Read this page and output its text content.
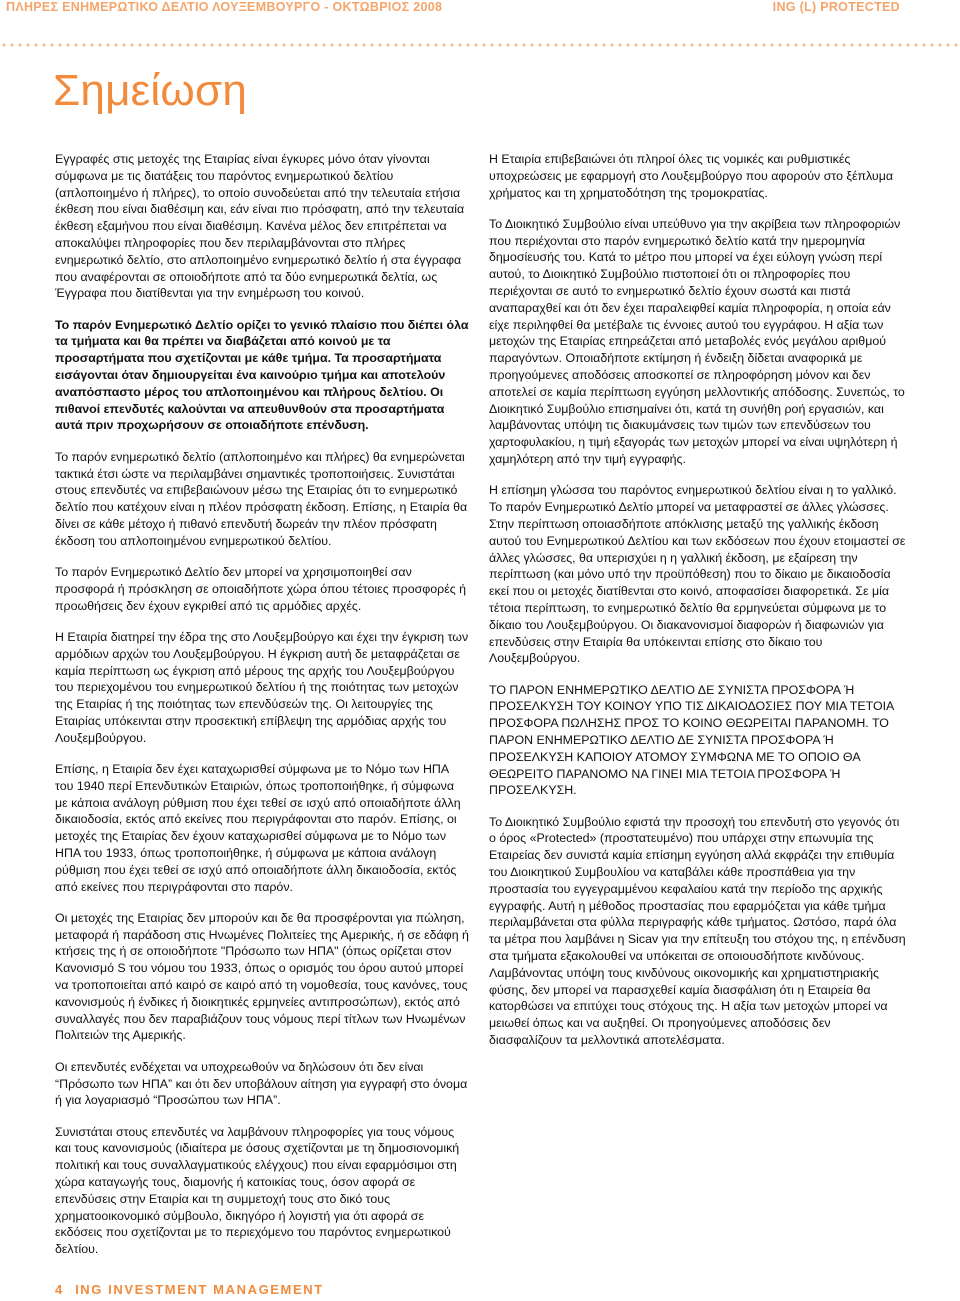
ΠΛΗΡΕΣ ΕΝΗΜΕΡΩΤΙΚΟ ΔΕΛΤΙΟ ΛΟΥΞΕΜΒΟΥΡΓΟ - ΟΚΤΩΒΡΙΟΣ 2008	ING (L) PROTECTED
Σημείωση

Εγγραφές στις μετοχές της Εταιρίας είναι έγκυρες μόνο όταν γίνονται σύμφωνα με τις διατάξεις του παρόντος ενημερωτικού δελτίου (απλοποιημένο ή πλήρες), το οποίο συνοδεύεται από την τελευταία ετήσια έκθεση που είναι διαθέσιμη και, εάν είναι πιο πρόσφατη, από την τελευταία έκθεση εξαμήνου που είναι διαθέσιμη. Κανένα μέλος δεν επιτρέπεται να αποκαλύψει πληροφορίες που δεν περιλαμβάνονται στο πλήρες ενημερωτικό δελτίο, στο απλοποιημένο ενημερωτικό δελτίο ή στα έγγραφα που αναφέρονται σε οποιοδήποτε από τα δύο ενημερωτικά δελτία, ως Έγγραφα που διατίθενται για την ενημέρωση του κοινού.

Το παρόν Ενημερωτικό Δελτίο ορίζει το γενικό πλαίσιο που διέπει όλα τα τμήματα και θα πρέπει να διαβάζεται από κοινού με τα προσαρτήματα που σχετίζονται με κάθε τμήμα. Τα προσαρτήματα εισάγονται όταν δημιουργείται ένα καινούριο τμήμα και αποτελούν αναπόσπαστο μέρος του απλοποιημένου και πλήρους δελτίου. Οι πιθανοί επενδυτές καλούνται να απευθυνθούν στα προσαρτήματα αυτά πριν προχωρήσουν σε οποιαδήποτε επένδυση.

Το παρόν ενημερωτικό δελτίο (απλοποιημένο και πλήρες) θα ενημερώνεται τακτικά έτσι ώστε να περιλαμβάνει σημαντικές τροποποιήσεις. Συνιστάται στους επενδυτές να επιβεβαιώνουν μέσω της Εταιρίας ότι το ενημερωτικό δελτίο που κατέχουν είναι η πλέον πρόσφατη έκδοση. Επίσης, η Εταιρία θα δίνει σε κάθε μέτοχο ή πιθανό επενδυτή δωρεάν την πλέον πρόσφατη έκδοση του απλοποιημένου ενημερωτικού δελτίου.

Το παρόν Ενημερωτικό Δελτίο δεν μπορεί να χρησιμοποιηθεί σαν προσφορά ή πρόσκληση σε οποιαδήποτε χώρα όπου τέτοιες προσφορές ή προωθήσεις δεν έχουν εγκριθεί από τις αρμόδιες αρχές.

Η Εταιρία διατηρεί την έδρα της στο Λουξεμβούργο και έχει την έγκριση των αρμόδιων αρχών του Λουξεμβούργου. Η έγκριση αυτή δε μεταφράζεται σε καμία περίπτωση ως έγκριση από μέρους της αρχής του Λουξεμβούργου του περιεχομένου του ενημερωτικού δελτίου ή της ποιότητας των μετοχών της Εταιρίας ή της ποιότητας των επενδύσεών της. Οι λειτουργίες της Εταιρίας υπόκεινται στην προσεκτική επίβλεψη της αρμόδιας αρχής του Λουξεμβούργου.

Επίσης, η Εταιρία δεν έχει καταχωρισθεί σύμφωνα με το Νόμο των ΗΠΑ του 1940 περί Επενδυτικών Εταιριών, όπως τροποποιήθηκε, ή σύμφωνα με κάποια ανάλογη ρύθμιση που έχει τεθεί σε ισχύ από οποιαδήποτε άλλη δικαιοδοσία, εκτός από εκείνες που περιγράφονται στο παρόν. Επίσης, οι μετοχές της Εταιρίας δεν έχουν καταχωρισθεί σύμφωνα με το Νόμο των ΗΠΑ του 1933, όπως τροποποιήθηκε, ή σύμφωνα με κάποια ανάλογη ρύθμιση που έχει τεθεί σε ισχύ από οποιαδήποτε άλλη δικαιοδοσία, εκτός από εκείνες που περιγράφονται στο παρόν.

Οι μετοχές της Εταιρίας δεν μπορούν και δε θα προσφέρονται για πώληση, μεταφορά ή παράδοση στις Ηνωμένες Πολιτείες της Αμερικής, ή σε εδάφη ή κτήσεις της ή σε οποιοδήποτε "Πρόσωπο των ΗΠΑ" (όπως ορίζεται στον Κανονισμό S του νόμου του 1933, όπως ο ορισμός του όρου αυτού μπορεί να τροποποιείται από καιρό σε καιρό από τη νομοθεσία, τους κανόνες, τους κανονισμούς ή ένδικες ή διοικητικές ερμηνείες αντιπροσώπων), εκτός από συναλλαγές που δεν παραβιάζουν τους νόμους περί τίτλων των Ηνωμένων Πολιτειών της Αμερικής.

Οι επενδυτές ενδέχεται να υποχρεωθούν να δηλώσουν ότι δεν είναι “Πρόσωπο των ΗΠΑ” και ότι δεν υποβάλουν αίτηση για εγγραφή στο όνομα ή για λογαριασμό “Προσώπου των ΗΠΑ”.

Συνιστάται στους επενδυτές να λαμβάνουν πληροφορίες για τους νόμους και τους κανονισμούς (ιδιαίτερα με όσους σχετίζονται με τη δημοσιονομική πολιτική και τους συναλλαγματικούς ελέγχους) που είναι εφαρμόσιμοι στη χώρα καταγωγής τους, διαμονής ή κατοικίας τους, όσον αφορά σε επενδύσεις στην Εταιρία και τη συμμετοχή τους στο δικό τους χρηματοοικονομικό σύμβουλο, δικηγόρο ή λογιστή για ότι αφορά σε εκδόσεις που σχετίζονται με το περιεχόμενο του παρόντος ενημερωτικού δελτίου.

Η Εταιρία επιβεβαιώνει ότι πληροί όλες τις νομικές και ρυθμιστικές υποχρεώσεις με εφαρμογή στο Λουξεμβούργο που αφορούν στο ξέπλυμα χρήματος και τη χρηματοδότηση της τρομοκρατίας.

Το Διοικητικό Συμβούλιο είναι υπεύθυνο για την ακρίβεια των πληροφοριών που περιέχονται στο παρόν ενημερωτικό δελτίο κατά την ημερομηνία δημοσίευσής του. Κατά το μέτρο που μπορεί να έχει εύλογη γνώση περί αυτού, το Διοικητικό Συμβούλιο πιστοποιεί ότι οι πληροφορίες που περιέχονται σε αυτό το ενημερωτικό δελτίο έχουν σωστά και πιστά αναπαραχθεί και ότι δεν έχει παραλειφθεί καμία πληροφορία, η οποία εάν είχε περιληφθεί θα μετέβαλε τις έννοιες αυτού του εγγράφου. Η αξία των μετοχών της Εταιρίας επηρεάζεται από μεταβολές ενός μεγάλου αριθμού παραγόντων. Οποιαδήποτε εκτίμηση ή ένδειξη δίδεται αναφορικά με προηγούμενες αποδόσεις αποσκοπεί σε πληροφόρηση μόνον και δεν αποτελεί σε καμία περίπτωση εγγύηση μελλοντικής απόδοσης. Συνεπώς, το Διοικητικό Συμβούλιο επισημαίνει ότι, κατά τη συνήθη ροή εργασιών, και λαμβάνοντας υπόψη τις διακυμάνσεις των τιμών των επενδύσεων του χαρτοφυλακίου, η τιμή εξαγοράς των μετοχών μπορεί να είναι υψηλότερη ή χαμηλότερη από την τιμή εγγραφής.

Η επίσημη γλώσσα του παρόντος ενημερωτικού δελτίου είναι η το γαλλικό. Το παρόν Ενημερωτικό Δελτίο μπορεί να μεταφραστεί σε άλλες γλώσσες. Στην περίπτωση οποιασδήποτε απόκλισης μεταξύ της γαλλικής έκδοση αυτού του Ενημερωτικού Δελτίου και των εκδόσεων που έχουν ετοιμαστεί σε άλλες γλώσσες, θα υπερισχύει η η γαλλική έκδοση, με εξαίρεση την περίπτωση (και μόνο υπό την προϋπόθεση) που το δίκαιο με δικαιοδοσία εκεί που οι μετοχές διατίθενται στο κοινό, αποφασίσει διαφορετικά. Σε μία τέτοια περίπτωση, το ενημερωτικό δελτίο θα ερμηνεύεται σύμφωνα με το δίκαιο του Λουξεμβούργου. Οι διακανονισμοί διαφορών ή διαφωνιών για επενδύσεις στην Εταιρία θα υπόκεινται επίσης στο δίκαιο του Λουξεμβούργου.

ΤΟ ΠΑΡΟΝ ΕΝΗΜΕΡΩΤΙΚΟ ΔΕΛΤΙΟ ΔΕ ΣΥΝΙΣΤΑ ΠΡΟΣΦΟΡΑ Ή ΠΡΟΣΕΛΚΥΣΗ ΤΟΥ ΚΟΙΝΟΥ ΥΠΟ ΤΙΣ ΔΙΚΑΙΟΔΟΣΙΕΣ ΠΟΥ ΜΙΑ ΤΕΤΟΙΑ ΠΡΟΣΦΟΡΑ ΠΩΛΗΣΗΣ ΠΡΟΣ ΤΟ ΚΟΙΝΟ ΘΕΩΡΕΙΤΑΙ ΠΑΡΑΝΟΜΗ. ΤΟ ΠΑΡΟΝ ΕΝΗΜΕΡΩΤΙΚΟ ΔΕΛΤΙΟ ΔΕ ΣΥΝΙΣΤΑ ΠΡΟΣΦΟΡΑ Ή ΠΡΟΣΕΛΚΥΣΗ ΚΑΠΟΙΟΥ ΑΤΟΜΟΥ ΣΥΜΦΩΝΑ ΜΕ ΤΟ ΟΠΟΙΟ ΘΑ ΘΕΩΡΕΙΤΟ ΠΑΡΑΝΟΜΟ ΝΑ ΓΙΝΕΙ ΜΙΑ ΤΕΤΟΙΑ ΠΡΟΣΦΟΡΑ Ή ΠΡΟΣΕΛΚΥΣΗ.

Το Διοικητικό Συμβούλιο εφιστά την προσοχή του επενδυτή στο γεγονός ότι ο όρος «Protected» (προστατευμένο) που υπάρχει στην επωνυμία της Εταιρείας δεν συνιστά καμία επίσημη εγγύηση αλλά εκφράζει την επιθυμία του Διοικητικού Συμβουλίου να καταβάλει κάθε προσπάθεια για την προστασία του εγγεγραμμένου κεφαλαίου κατά την περίοδο της αρχικής εγγραφής. Αυτή η μέθοδος προστασίας που εφαρμόζεται για κάθε τμήμα περιλαμβάνεται στα φύλλα περιγραφής κάθε τμήματος. Ωστόσο, παρά όλα τα μέτρα που λαμβάνει η Sicav για την επίτευξη του στόχου της, η επένδυση στα τμήματα εξακολουθεί να υπόκειται σε οποιουσδήποτε κινδύνους. Λαμβάνοντας υπόψη τους κινδύνους οικονομικής και χρηματιστηριακής φύσης, δεν μπορεί να παρασχεθεί καμία διασφάλιση ότι η Εταιρεία θα κατορθώσει να επιτύχει τους στόχους της. Η αξία των μετοχών μπορεί να μειωθεί όπως και να αυξηθεί. Οι προηγούμενες αποδόσεις δεν διασφαλίζουν τα μελλοντικά αποτελέσματα.

4 ING INVESTMENT MANAGEMENT
